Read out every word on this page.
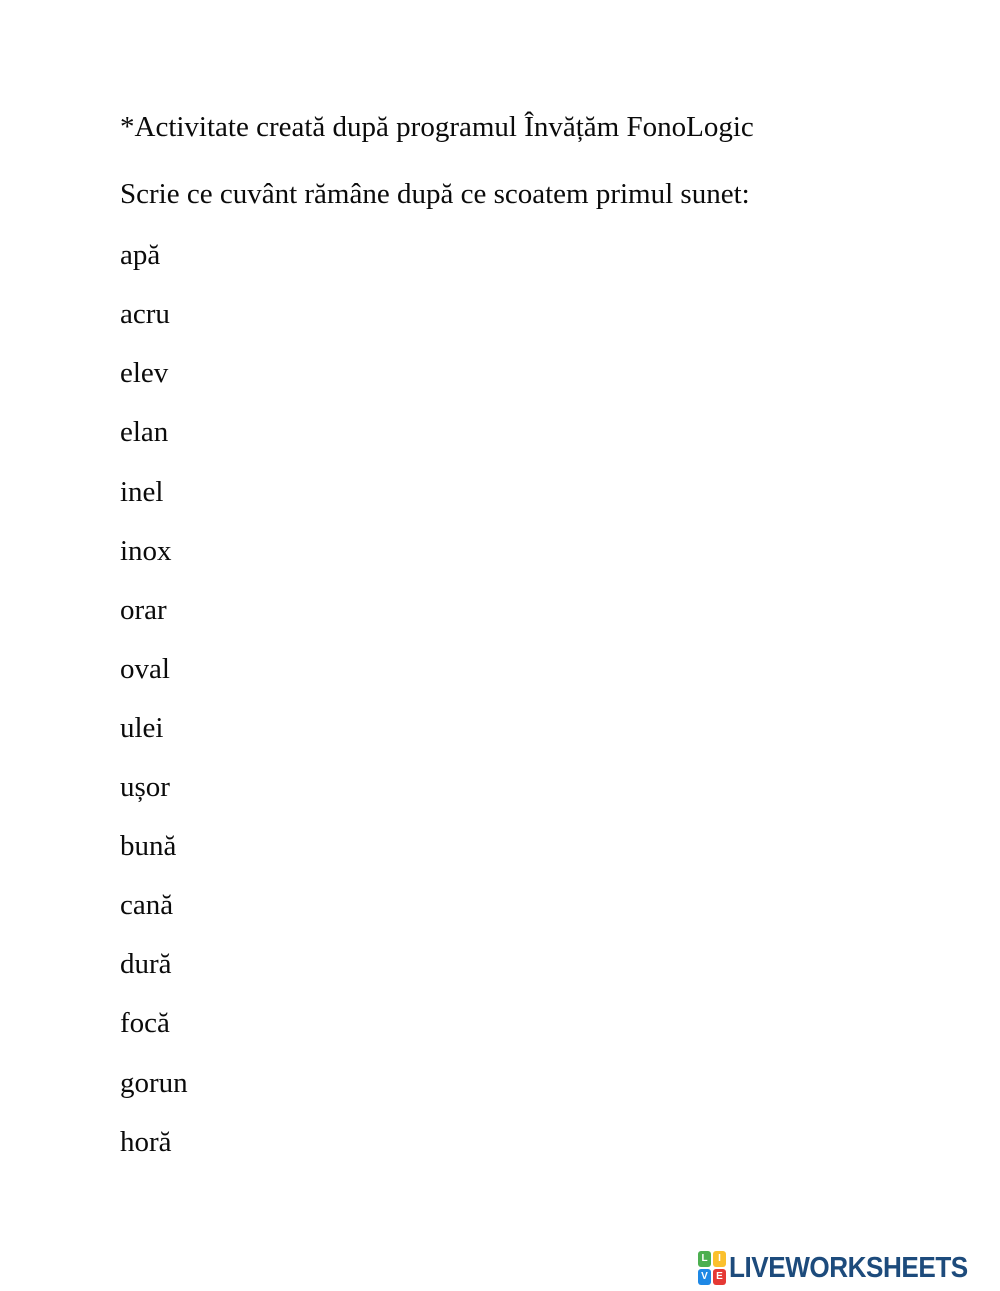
*Activitate creată după programul Învățăm FonoLogic
Scrie ce cuvânt rămâne după ce scoatem primul sunet:
apă
acru
elev
elan
inel
inox
orar
oval
ulei
ușor
bună
cană
dură
focă
gorun
horă
L	I
V E LIVEWORKSHEETS
